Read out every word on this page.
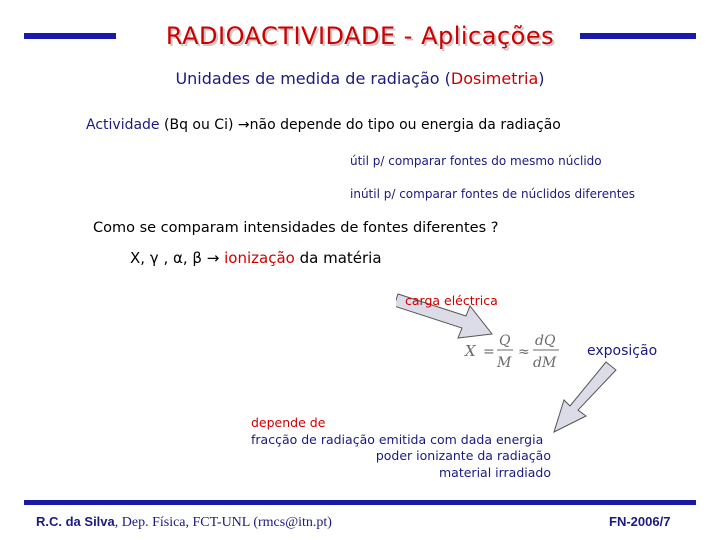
RADIOACTIVIDADE - Aplicações
Unidades de medida de radiação (Dosimetria)
Actividade (Bq ou Ci) →não depende do tipo ou energia da radiação
útil p/ comparar fontes do mesmo núclido
inútil p/ comparar fontes de núclidos diferentes
Como se comparam intensidades de fontes diferentes ?
X, γ , α, β → ionização da matéria
carga eléctrica
X =
Q
M
≈
dQ
dM
exposição
depende de
fracção de radiação emitida com dada energia
poder ionizante da radiação
material irradiado
R.C. da Silva, Dep. Física, FCT-UNL (rmcs@itn.pt)	FN-2006/7
